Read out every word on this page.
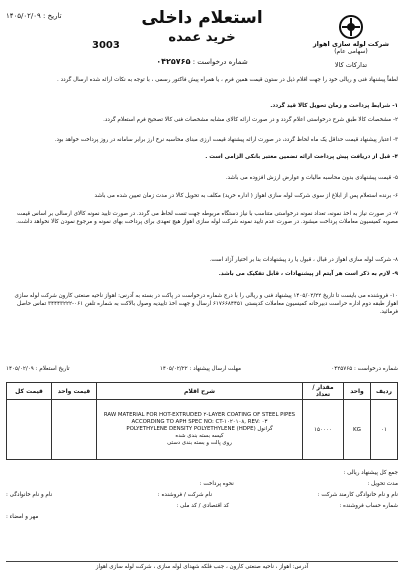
استعلام داخلی
خرید عمده
تاریخ : ۱۴۰۵/۰۲/۰۹
3003	شرکت لوله سازی اهواز
(سهامی عام)
تدارکات کالا
شماره درخواست : ۰۴۲۵۷۶۵
لطفاً پیشنهاد فنی و ریالی خود را جهت اقلام ذیل در ستون قیمت همین فرم ، یا همراه پیش فاکتور رسمی ، با توجه به نکات ارائه شده ارسال گردد .
۱- شرایط پرداخت و زمان تحویل کالا قید گردد.
۲- مشخصات کالا طبق شرح درخواستی اعلام گردد و در صورت ارائه کالای مشابه مشخصات فنی کالا تصحیح فرم استعلام گردد.
۳- اعتبار پیشنهاد قیمت حداقل یک ماه لحاظ گردد، در صورت ارائه پیشنهاد قیمت ارزی مبنای محاسبه نرخ ارز برابر سامانه در روز پرداخت خواهد بود.
۴- قبل از دریافت پیش پرداخت ارائه تضمین معتبر بانکی الزامی است .
۵- قیمت پیشنهادی بدون محاسبه مالیات و عوارض ارزش افزوده می باشد.
۶- برنده استعلام پس از ابلاغ از سوی شرکت لوله سازی اهواز ( اداره خرید) مکلف به تحویل کالا در مدت زمان تعیین شده می باشد
۷- در صورت نیاز به اخذ نمونه، تعداد نمونه درخواستی متناسب با نیاز دستگاه مربوطه جهت تست لحاظ می گردد. در صورت تایید نمونه کالای ارسالی بر اساس قیمت مصوبه کمیسیون معاملات پرداخت میشود. در صورت عدم تایید نمونه شرکت لوله سازی اهواز هیچ تعهدی برای پرداخت بهای نمونه و مرجوع نمودن کالا نخواهد داشت.
۸- شرکت لوله سازی اهواز در قبال ، قبول یا رد پیشنهادات بنا بر اختیار آزاد است.
۹- لازم به ذکر است هر آیتم از پیشنهادات ، قابل تفکیک می باشد.
۱۰- فروشنده می بایست تا تاریخ ۱۴۰۵/۰۲/۲۲ پیشنهاد فنی و ریالی را با درج شماره درخواست در پاکت در بسته به آدرس: اهواز ناحیه صنعتی کارون شرکت لوله سازی اهواز طبقه دوم اداره حراست دبیرخانه کمیسیون معاملات کدپستی ۶۱۷۶۶۸۴۴۵۱ ارسال و جهت اخذ تاییدیه وصول بالاکت به شماره تلفن ۰۶۱-۳۴۴۴۳۲۲۲ تماس حاصل فرمائید.
شماره درخواست : ۰۴۲۵۷۶۵
مهلت ارسال پیشنهاد : ۱۴۰۵/۰۲/۲۲
تاریخ استعلام : ۱۴۰۵/۰۲/۰۹
ردیف	واحد	مقدار / تعداد	شرح اقلام	قیمت واحد	قیمت کل
۰۱	KG	۱۵۰۰۰۰	RAW MATERIAL FOR HOT-EXTRUDED ۲-LAYER COATING OF STEEL PIPES
ACCORDING TO APH SPEC NO: CT-۱۰۲۰۱۰۸, REV: ۰۳
POLYETHYLENE DENSITY POLYETHYLENE (HDPE) گرانول
کیسه بسته بندی شده
روی پالت و بسته بندی دستی		

جمع کل پیشنهاد ریالی :
مدت تحویل :
نحوه پرداخت :
نام و نام خانوادگی کارمند شرکت :
نام شرکت / فروشنده :
نام و نام خانوادگی :
شماره حساب فروشنده :
کد اقتصادی / کد ملی :
مهر و امضاء :
آدرس: اهواز ، ناحیه صنعتی کارون ، جنب فلکه شهدای لوله سازی ، شرکت لوله سازی اهواز
